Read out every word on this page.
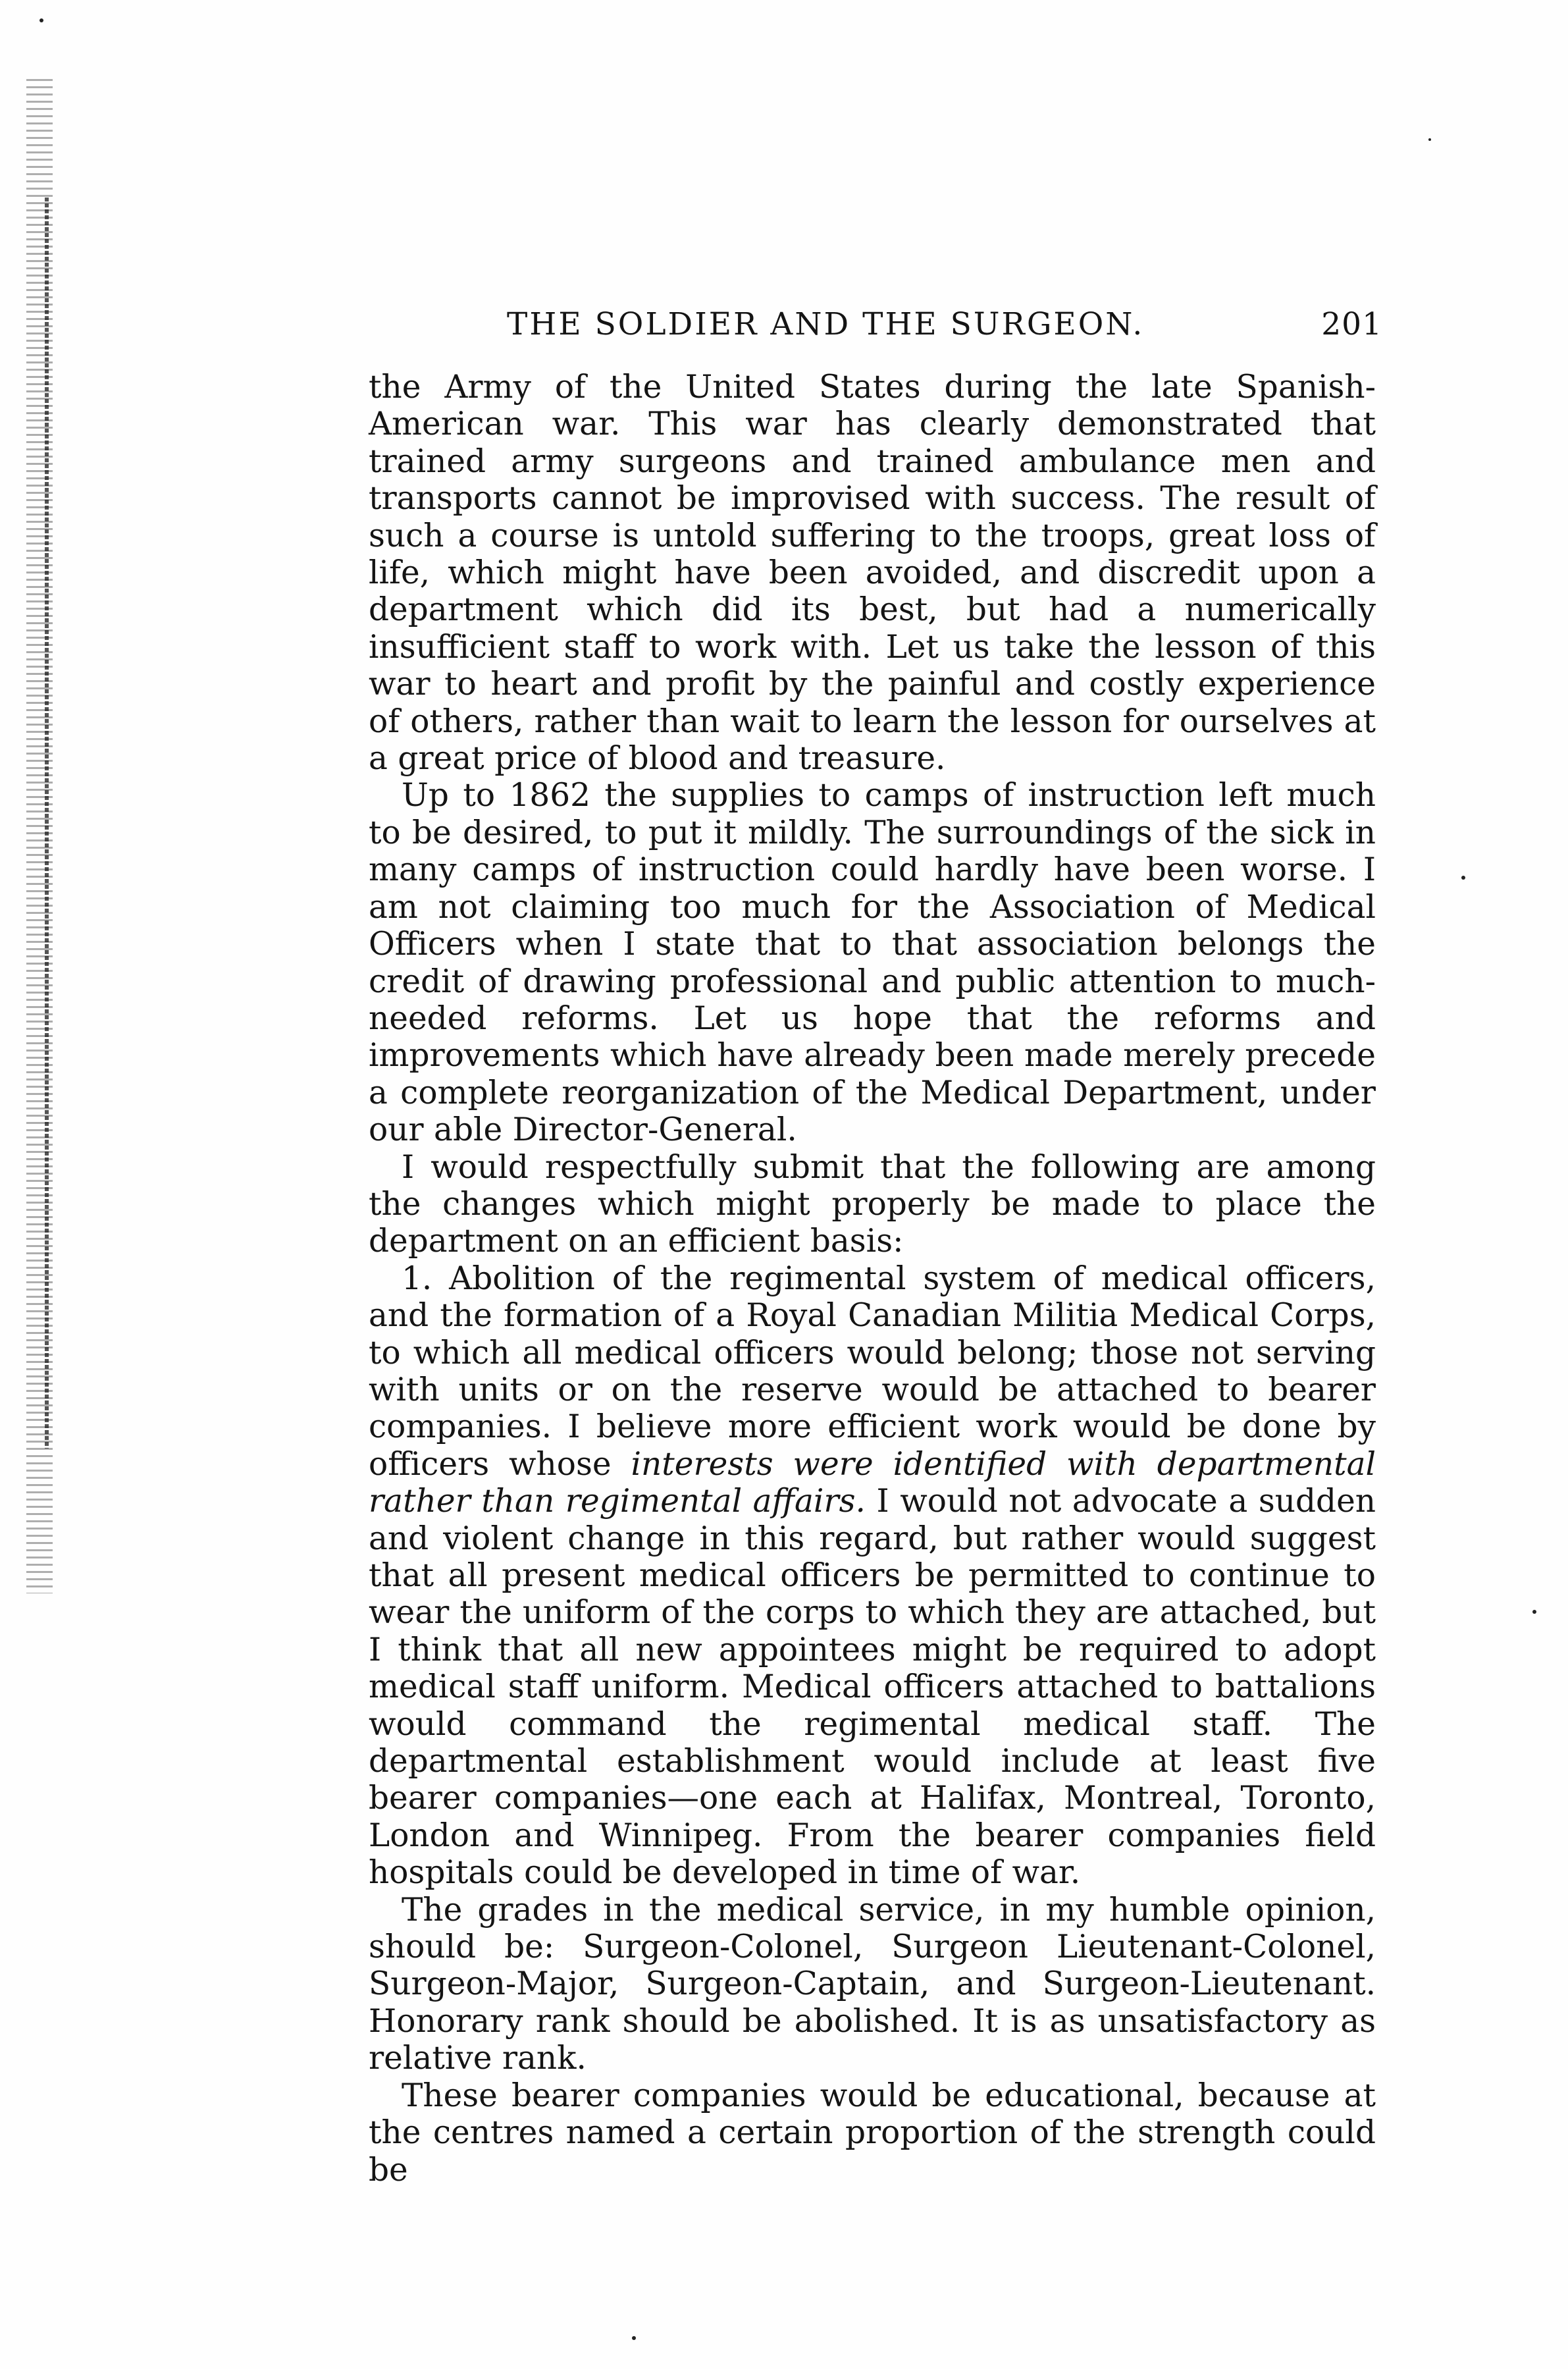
THE SOLDIER AND THE SURGEON.	201

the Army of the United States during the late Spanish-American war. This war has clearly demonstrated that trained army surgeons and trained ambulance men and transports cannot be improvised with success. The result of such a course is untold suffering to the troops, great loss of life, which might have been avoided, and discredit upon a department which did its best, but had a numerically insufficient staff to work with. Let us take the lesson of this war to heart and profit by the painful and costly experience of others, rather than wait to learn the lesson for ourselves at a great price of blood and treasure.

Up to 1862 the supplies to camps of instruction left much to be desired, to put it mildly. The surroundings of the sick in many camps of instruction could hardly have been worse. I am not claiming too much for the Association of Medical Officers when I state that to that association belongs the credit of drawing professional and public attention to much-needed reforms. Let us hope that the reforms and improvements which have already been made merely precede a complete reorganization of the Medical Department, under our able Director-General.

I would respectfully submit that the following are among the changes which might properly be made to place the department on an efficient basis:

1. Abolition of the regimental system of medical officers, and the formation of a Royal Canadian Militia Medical Corps, to which all medical officers would belong; those not serving with units or on the reserve would be attached to bearer companies. I believe more efficient work would be done by officers whose interests were identified with departmental rather than regimental affairs. I would not advocate a sudden and violent change in this regard, but rather would suggest that all present medical officers be permitted to continue to wear the uniform of the corps to which they are attached, but I think that all new appointees might be required to adopt medical staff uniform. Medical officers attached to battalions would command the regimental medical staff. The departmental establishment would include at least five bearer companies—one each at Halifax, Montreal, Toronto, London and Winnipeg. From the bearer companies field hospitals could be developed in time of war.

The grades in the medical service, in my humble opinion, should be: Surgeon-Colonel, Surgeon Lieutenant-Colonel, Surgeon-Major, Surgeon-Captain, and Surgeon-Lieutenant. Honorary rank should be abolished. It is as unsatisfactory as relative rank.

These bearer companies would be educational, because at the centres named a certain proportion of the strength could be
